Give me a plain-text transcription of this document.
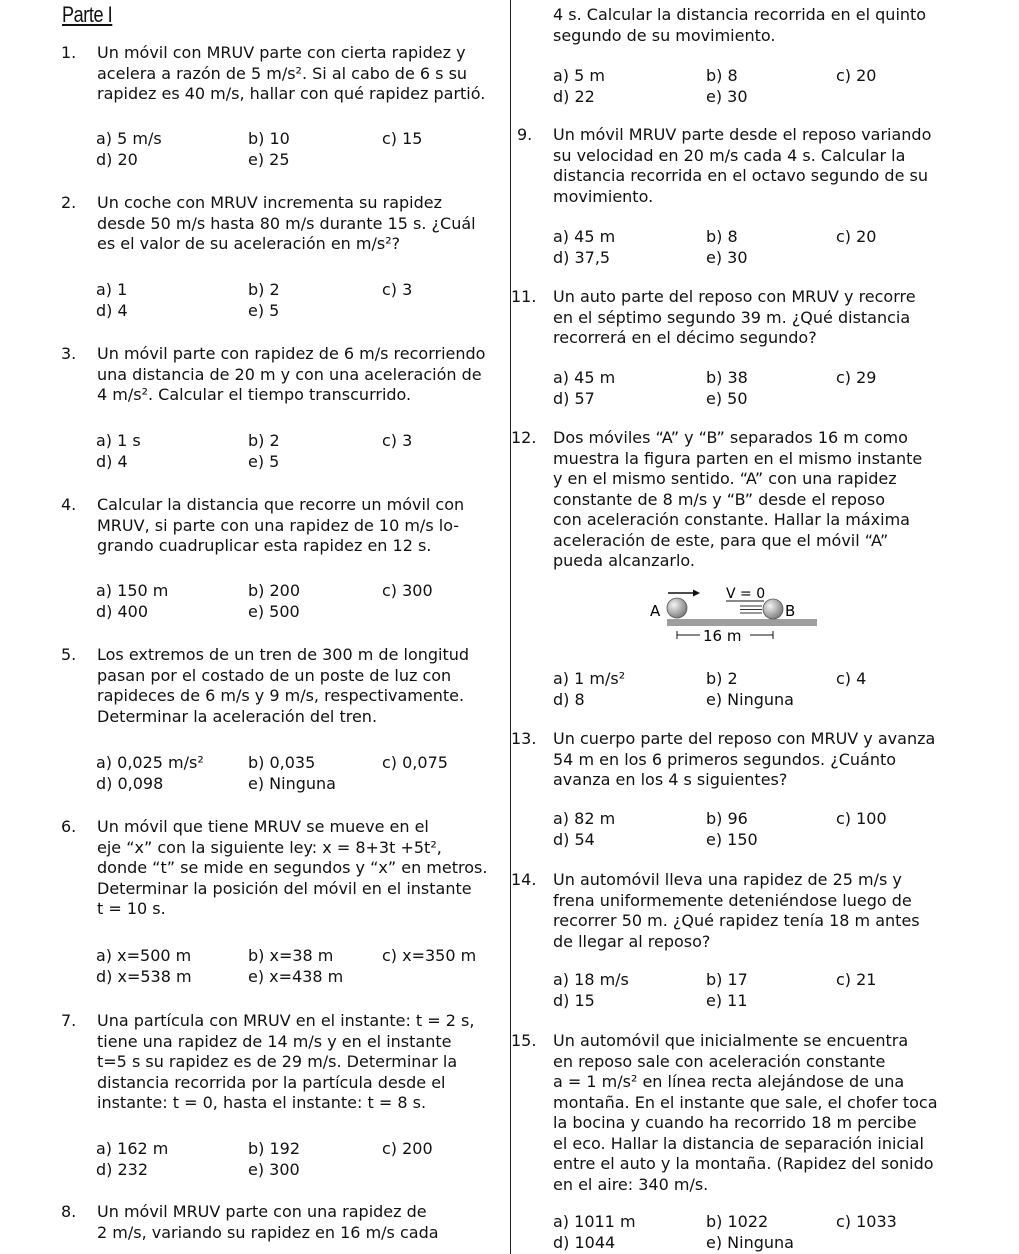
Parte I
1. Un móvil con MRUV parte con cierta rapidez y
acelera a razón de 5 m/s². Si al cabo de 6 s su
rapidez es 40 m/s, hallar con qué rapidez partió.
a) 5 m/s	b) 10	c) 15
d) 20	e) 25
2. Un coche con MRUV incrementa su rapidez
desde 50 m/s hasta 80 m/s durante 15 s. ¿Cuál
es el valor de su aceleración en m/s²?
a) 1	b) 2	c) 3
d) 4	e) 5
3. Un móvil parte con rapidez de 6 m/s recorriendo
una distancia de 20 m y con una aceleración de
4 m/s². Calcular el tiempo transcurrido.
a) 1 s	b) 2	c) 3
d) 4	e) 5
4. Calcular la distancia que recorre un móvil con
MRUV, si parte con una rapidez de 10 m/s lo-
grando cuadruplicar esta rapidez en 12 s.
a) 150 m	b) 200	c) 300
d) 400	e) 500
5. Los extremos de un tren de 300 m de longitud
pasan por el costado de un poste de luz con
rapideces de 6 m/s y 9 m/s, respectivamente.
Determinar la aceleración del tren.
a) 0,025 m/s²	b) 0,035	c) 0,075
d) 0,098	e) Ninguna
6. Un móvil que tiene MRUV se mueve en el
eje “x” con la siguiente ley: x = 8+3t +5t²,
donde “t” se mide en segundos y “x” en metros.
Determinar la posición del móvil en el instante
t = 10 s.
a) x=500 m	b) x=38 m	c) x=350 m
d) x=538 m	e) x=438 m
7. Una partícula con MRUV en el instante: t = 2 s,
tiene una rapidez de 14 m/s y en el instante
t=5 s su rapidez es de 29 m/s. Determinar la
distancia recorrida por la partícula desde el
instante: t = 0, hasta el instante: t = 8 s.
a) 162 m	b) 192	c) 200
d) 232	e) 300
8. Un móvil MRUV parte con una rapidez de
2 m/s, variando su rapidez en 16 m/s cada
4 s. Calcular la distancia recorrida en el quinto
segundo de su movimiento.
a) 5 m	b) 8	c) 20
d) 22	e) 30
9. Un móvil MRUV parte desde el reposo variando
su velocidad en 20 m/s cada 4 s. Calcular la
distancia recorrida en el octavo segundo de su
movimiento.
a) 45 m	b) 8	c) 20
d) 37,5	e) 30
11. Un auto parte del reposo con MRUV y recorre
en el séptimo segundo 39 m. ¿Qué distancia
recorrerá en el décimo segundo?
a) 45 m	b) 38	c) 29
d) 57	e) 50
12. Dos móviles “A” y “B” separados 16 m como
muestra la figura parten en el mismo instante
y en el mismo sentido. “A” con una rapidez
constante de 8 m/s y “B” desde el reposo
con aceleración constante. Hallar la máxima
aceleración de este, para que el móvil “A”
pueda alcanzarlo.
A
V = 0
B
16 m
a) 1 m/s²	b) 2	c) 4
d) 8	e) Ninguna
13. Un cuerpo parte del reposo con MRUV y avanza
54 m en los 6 primeros segundos. ¿Cuánto
avanza en los 4 s siguientes?
a) 82 m	b) 96	c) 100
d) 54	e) 150
14. Un automóvil lleva una rapidez de 25 m/s y
frena uniformemente deteniéndose luego de
recorrer 50 m. ¿Qué rapidez tenía 18 m antes
de llegar al reposo?
a) 18 m/s	b) 17	c) 21
d) 15	e) 11
15. Un automóvil que inicialmente se encuentra
en reposo sale con aceleración constante
a = 1 m/s² en línea recta alejándose de una
montaña. En el instante que sale, el chofer toca
la bocina y cuando ha recorrido 18 m percibe
el eco. Hallar la distancia de separación inicial
entre el auto y la montaña. (Rapidez del sonido
en el aire: 340 m/s.
a) 1011 m	b) 1022	c) 1033
d) 1044	e) Ninguna
